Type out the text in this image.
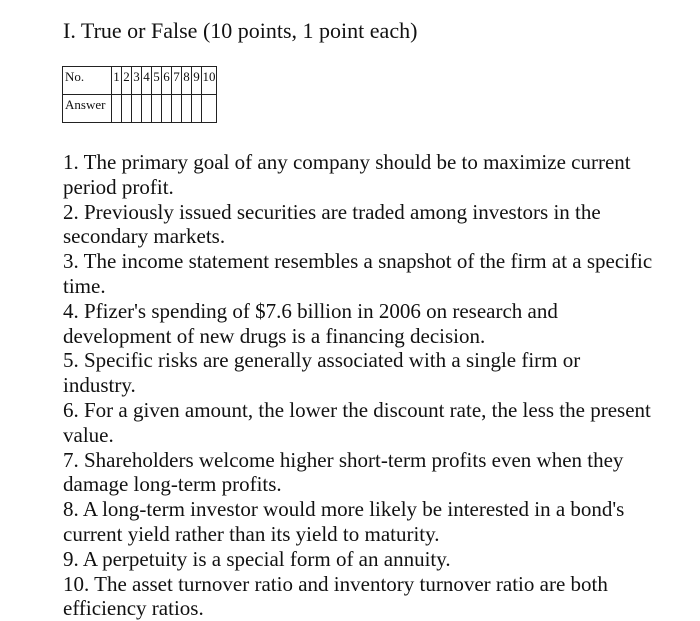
I. True or False (10 points, 1 point each)
No.	1	2	3	4	5	6	7	8	9	10
Answer										

1. The primary goal of any company should be to maximize current period profit.

2. Previously issued securities are traded among investors in the secondary markets.

3. The income statement resembles a snapshot of the firm at a specific time.

4. Pfizer's spending of $7.6 billion in 2006 on research and development of new drugs is a financing decision.

5. Specific risks are generally associated with a single firm or industry.

6. For a given amount, the lower the discount rate, the less the present value.

7. Shareholders welcome higher short-term profits even when they damage long-term profits.

8. A long-term investor would more likely be interested in a bond's current yield rather than its yield to maturity.

9. A perpetuity is a special form of an annuity.

10. The asset turnover ratio and inventory turnover ratio are both efficiency ratios.
